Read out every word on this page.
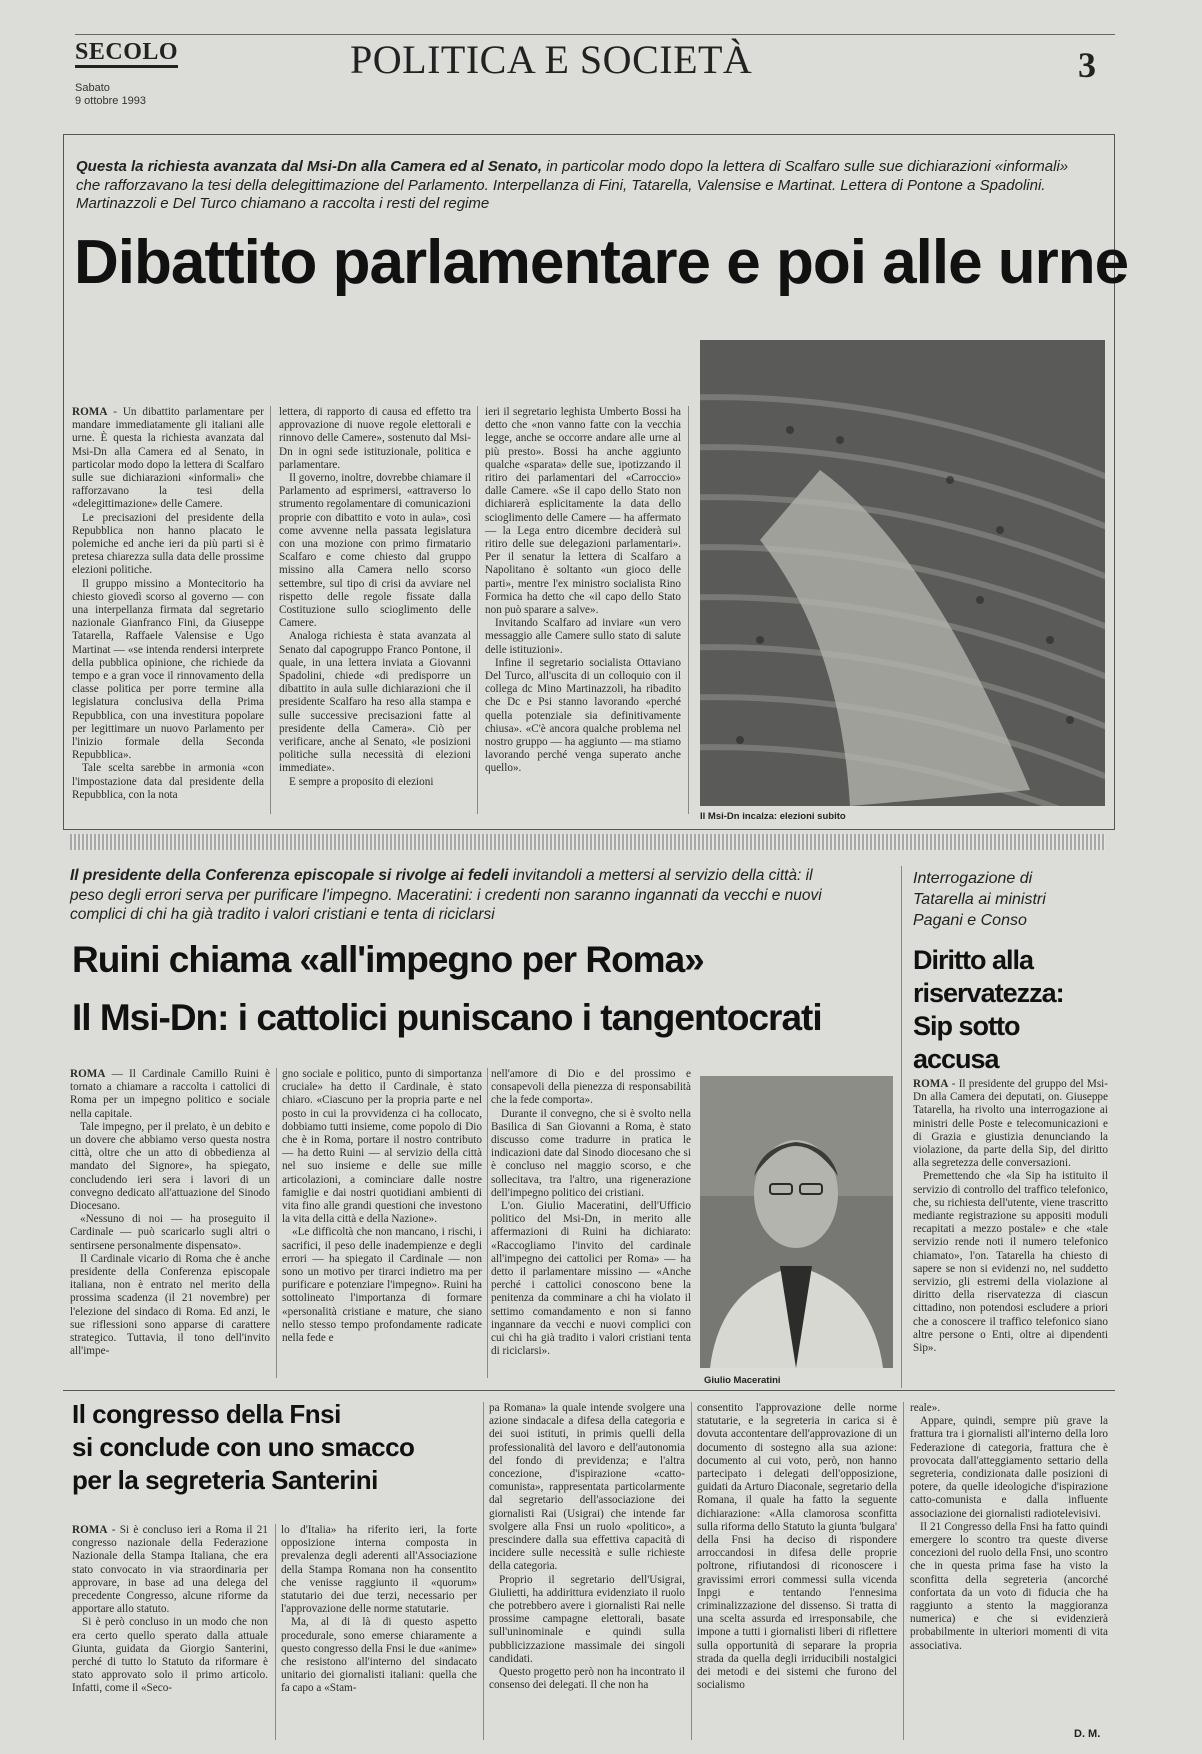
SECOLO
Sabato
9 ottobre 1993
POLITICA E SOCIETÀ	3
Questa la richiesta avanzata dal Msi-Dn alla Camera ed al Senato, in particolar modo dopo la lettera di Scalfaro sulle sue dichiarazioni «informali» che rafforzavano la tesi della delegittimazione del Parlamento. Interpellanza di Fini, Tatarella, Valensise e Martinat. Lettera di Pontone a Spadolini. Martinazzoli e Del Turco chiamano a raccolta i resti del regime
Dibattito parlamentare e poi alle urne

ROMA - Un dibattito parlamentare per mandare immediatamente gli italiani alle urne. È questa la richiesta avanzata dal Msi-Dn alla Camera ed al Senato, in particolar modo dopo la lettera di Scalfaro sulle sue dichiarazioni «informali» che rafforzavano la tesi della «delegittimazione» delle Camere.

Le precisazioni del presidente della Repubblica non hanno placato le polemiche ed anche ieri da più parti si è pretesa chiarezza sulla data delle prossime elezioni politiche.

Il gruppo missino a Montecitorio ha chiesto giovedì scorso al governo — con una interpellanza firmata dal segretario nazionale Gianfranco Fini, da Giuseppe Tatarella, Raffaele Valensise e Ugo Martinat — «se intenda rendersi interprete della pubblica opinione, che richiede da tempo e a gran voce il rinnovamento della classe politica per porre termine alla legislatura conclusiva della Prima Repubblica, con una investitura popolare per legittimare un nuovo Parlamento per l'inizio formale della Seconda Repubblica».

Tale scelta sarebbe in armonia «con l'impostazione data dal presidente della Repubblica, con la nota

lettera, di rapporto di causa ed effetto tra approvazione di nuove regole elettorali e rinnovo delle Camere», sostenuto dal Msi-Dn in ogni sede istituzionale, politica e parlamentare.

Il governo, inoltre, dovrebbe chiamare il Parlamento ad esprimersi, «attraverso lo strumento regolamentare di comunicazioni proprie con dibattito e voto in aula», così come avvenne nella passata legislatura con una mozione con primo firmatario Scalfaro e come chiesto dal gruppo missino alla Camera nello scorso settembre, sul tipo di crisi da avviare nel rispetto delle regole fissate dalla Costituzione sullo scioglimento delle Camere.

Analoga richiesta è stata avanzata al Senato dal capogruppo Franco Pontone, il quale, in una lettera inviata a Giovanni Spadolini, chiede «di predisporre un dibattito in aula sulle dichiarazioni che il presidente Scalfaro ha reso alla stampa e sulle successive precisazioni fatte al presidente della Camera». Ciò per verificare, anche al Senato, «le posizioni politiche sulla necessità di elezioni immediate».

E sempre a proposito di elezioni

ieri il segretario leghista Umberto Bossi ha detto che «non vanno fatte con la vecchia legge, anche se occorre andare alle urne al più presto». Bossi ha anche aggiunto qualche «sparata» delle sue, ipotizzando il ritiro dei parlamentari del «Carroccio» dalle Camere. «Se il capo dello Stato non dichiarerà esplicitamente la data dello scioglimento delle Camere — ha affermato — la Lega entro dicembre deciderà sul ritiro delle sue delegazioni parlamentari». Per il senatur la lettera di Scalfaro a Napolitano è soltanto «un gioco delle parti», mentre l'ex ministro socialista Rino Formica ha detto che «il capo dello Stato non può sparare a salve».

Invitando Scalfaro ad inviare «un vero messaggio alle Camere sullo stato di salute delle istituzioni».

Infine il segretario socialista Ottaviano Del Turco, all'uscita di un colloquio con il collega dc Mino Martinazzoli, ha ribadito che Dc e Psi stanno lavorando «perché quella potenziale sia definitivamente chiusa». «C'è ancora qualche problema nel nostro gruppo — ha aggiunto — ma stiamo lavorando perché venga superato anche quello».

Il Msi-Dn incalza: elezioni subito
Il presidente della Conferenza episcopale si rivolge ai fedeli invitandoli a mettersi al servizio della città: il peso degli errori serva per purificare l'impegno. Maceratini: i credenti non saranno ingannati da vecchi e nuovi complici di chi ha già tradito i valori cristiani e tenta di riciclarsi
Ruini chiama «all'impegno per Roma»
Il Msi-Dn: i cattolici puniscano i tangentocrati

ROMA — Il Cardinale Camillo Ruini è tornato a chiamare a raccolta i cattolici di Roma per un impegno politico e sociale nella capitale.

Tale impegno, per il prelato, è un debito e un dovere che abbiamo verso questa nostra città, oltre che un atto di obbedienza al mandato del Signore», ha spiegato, concludendo ieri sera i lavori di un convegno dedicato all'attuazione del Sinodo Diocesano.

«Nessuno di noi — ha proseguito il Cardinale — può scaricarlo sugli altri o sentirsene personalmente dispensato».

Il Cardinale vicario di Roma che è anche presidente della Conferenza episcopale italiana, non è entrato nel merito della prossima scadenza (il 21 novembre) per l'elezione del sindaco di Roma. Ed anzi, le sue riflessioni sono apparse di carattere strategico. Tuttavia, il tono dell'invito all'impe-

gno sociale e politico, punto di simportanza cruciale» ha detto il Cardinale, è stato chiaro. «Ciascuno per la propria parte e nel posto in cui la provvidenza ci ha collocato, dobbiamo tutti insieme, come popolo di Dio che è in Roma, portare il nostro contributo — ha detto Ruini — al servizio della città nel suo insieme e delle sue mille articolazioni, a cominciare dalle nostre famiglie e dai nostri quotidiani ambienti di vita fino alle grandi questioni che investono la vita della città e della Nazione».

«Le difficoltà che non mancano, i rischi, i sacrifici, il peso delle inadempienze e degli errori — ha spiegato il Cardinale — non sono un motivo per tirarci indietro ma per purificare e potenziare l'impegno». Ruini ha sottolineato l'importanza di formare «personalità cristiane e mature, che siano nello stesso tempo profondamente radicate nella fede e

nell'amore di Dio e del prossimo e consapevoli della pienezza di responsabilità che la fede comporta».

Durante il convegno, che si è svolto nella Basilica di San Giovanni a Roma, è stato discusso come tradurre in pratica le indicazioni date dal Sinodo diocesano che si è concluso nel maggio scorso, e che sollecitava, tra l'altro, una rigenerazione dell'impegno politico dei cristiani.

L'on. Giulio Maceratini, dell'Ufficio politico del Msi-Dn, in merito alle affermazioni di Ruini ha dichiarato: «Raccogliamo l'invito del cardinale all'impegno dei cattolici per Roma» — ha detto il parlamentare missino — «Anche perché i cattolici conoscono bene la penitenza da comminare a chi ha violato il settimo comandamento e non si fanno ingannare da vecchi e nuovi complici con cui chi ha già tradito i valori cristiani tenta di riciclarsi».

Giulio Maceratini
Interrogazione di Tatarella ai ministri Pagani e Conso
Diritto alla riservatezza: Sip sotto accusa

ROMA - Il presidente del gruppo del Msi-Dn alla Camera dei deputati, on. Giuseppe Tatarella, ha rivolto una interrogazione ai ministri delle Poste e telecomunicazioni e di Grazia e giustizia denunciando la violazione, da parte della Sip, del diritto alla segretezza delle conversazioni.

Premettendo che «la Sip ha istituito il servizio di controllo del traffico telefonico, che, su richiesta dell'utente, viene trascritto mediante registrazione su appositi moduli recapitati a mezzo postale» e che «tale servizio rende noti il numero telefonico chiamato», l'on. Tatarella ha chiesto di sapere se non si evidenzi no, nel suddetto servizio, gli estremi della violazione al diritto della riservatezza di ciascun cittadino, non potendosi escludere a priori che a conoscere il traffico telefonico siano altre persone o Enti, oltre ai dipendenti Sip».

Il congresso della Fnsi
si conclude con uno smacco
per la segreteria Santerini

ROMA - Si è concluso ieri a Roma il 21 congresso nazionale della Federazione Nazionale della Stampa Italiana, che era stato convocato in via straordinaria per approvare, in base ad una delega del precedente Congresso, alcune riforme da apportare allo statuto.

Si è però concluso in un modo che non era certo quello sperato dalla attuale Giunta, guidata da Giorgio Santerini, perché di tutto lo Statuto da riformare è stato approvato solo il primo articolo. Infatti, come il «Seco-

lo d'Italia» ha riferito ieri, la forte opposizione interna composta in prevalenza degli aderenti all'Associazione della Stampa Romana non ha consentito che venisse raggiunto il «quorum» statutario dei due terzi, necessario per l'approvazione delle norme statutarie.

Ma, al di là di questo aspetto procedurale, sono emerse chiaramente a questo congresso della Fnsi le due «anime» che resistono all'interno del sindacato unitario dei giornalisti italiani: quella che fa capo a «Stam-

pa Romana» la quale intende svolgere una azione sindacale a difesa della categoria e dei suoi istituti, in primis quelli della professionalità del lavoro e dell'autonomia del fondo di previdenza; e l'altra concezione, d'ispirazione «catto-comunista», rappresentata particolarmente dal segretario dell'associazione dei giornalisti Rai (Usigrai) che intende far svolgere alla Fnsi un ruolo «politico», a prescindere dalla sua effettiva capacità di incidere sulle necessità e sulle richieste della categoria.

Proprio il segretario dell'Usigrai, Giulietti, ha addirittura evidenziato il ruolo che potrebbero avere i giornalisti Rai nelle prossime campagne elettorali, basate sull'uninominale e quindi sulla pubblicizzazione massimale dei singoli candidati.

Questo progetto però non ha incontrato il consenso dei delegati. Il che non ha

consentito l'approvazione delle norme statutarie, e la segreteria in carica si è dovuta accontentare dell'approvazione di un documento di sostegno alla sua azione: documento al cui voto, però, non hanno partecipato i delegati dell'opposizione, guidati da Arturo Diaconale, segretario della Romana, il quale ha fatto la seguente dichiarazione: «Alla clamorosa sconfitta sulla riforma dello Statuto la giunta 'bulgara' della Fnsi ha deciso di rispondere arroccandosi in difesa delle proprie poltrone, rifiutandosi di riconoscere i gravissimi errori commessi sulla vicenda Inpgi e tentando l'ennesima criminalizzazione del dissenso. Si tratta di una scelta assurda ed irresponsabile, che impone a tutti i giornalisti liberi di riflettere sulla opportunità di separare la propria strada da quella degli irriducibili nostalgici dei metodi e dei sistemi che furono del socialismo

reale».

Appare, quindi, sempre più grave la frattura tra i giornalisti all'interno della loro Federazione di categoria, frattura che è provocata dall'atteggiamento settario della segreteria, condizionata dalle posizioni di potere, da quelle ideologiche d'ispirazione catto-comunista e dalla influente associazione dei giornalisti radiotelevisivi.

Il 21 Congresso della Fnsi ha fatto quindi emergere lo scontro tra queste diverse concezioni del ruolo della Fnsi, uno scontro che in questa prima fase ha visto la sconfitta della segreteria (ancorché confortata da un voto di fiducia che ha raggiunto a stento la maggioranza numerica) e che si evidenzierà probabilmente in ulteriori momenti di vita associativa.

D. M.
